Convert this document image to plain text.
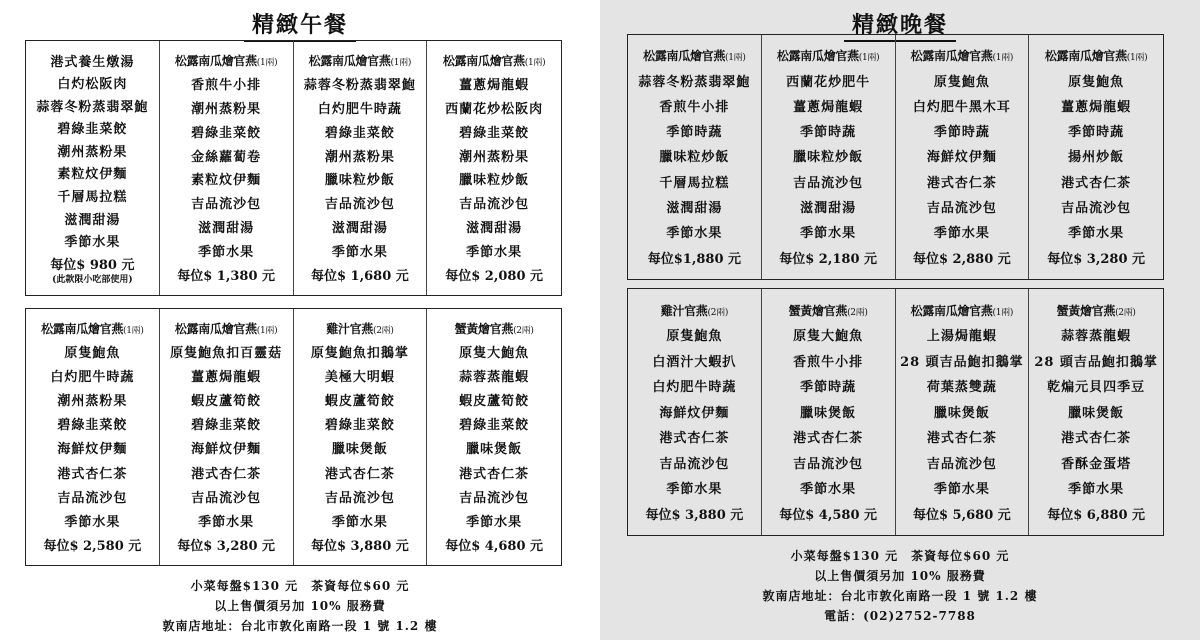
精緻午餐
港式養生燉湯
白灼松阪肉
蒜蓉冬粉蒸翡翠鮑
碧綠韭菜餃
潮州蒸粉果
素粒炆伊麵
千層馬拉糕
滋潤甜湯
季節水果
每位$ 980 元
(此款限小吃部使用)
松露南瓜燴官燕(1兩)
香煎牛小排
潮州蒸粉果
碧綠韭菜餃
金絲蘿蔔卷
素粒炆伊麵
吉品流沙包
滋潤甜湯
季節水果
每位$ 1,380 元
松露南瓜燴官燕(1兩)
蒜蓉冬粉蒸翡翠鮑
白灼肥牛時蔬
碧綠韭菜餃
潮州蒸粉果
臘味粒炒飯
吉品流沙包
滋潤甜湯
季節水果
每位$ 1,680 元
松露南瓜燴官燕(1兩)
薑蔥焗龍蝦
西蘭花炒松阪肉
碧綠韭菜餃
潮州蒸粉果
臘味粒炒飯
吉品流沙包
滋潤甜湯
季節水果
每位$ 2,080 元
松露南瓜燴官燕(1兩)
原隻鮑魚
白灼肥牛時蔬
潮州蒸粉果
碧綠韭菜餃
海鮮炆伊麵
港式杏仁茶
吉品流沙包
季節水果
每位$ 2,580 元
松露南瓜燴官燕(1兩)
原隻鮑魚扣百靈菇
薑蔥焗龍蝦
蝦皮蘆筍餃
碧綠韭菜餃
海鮮炆伊麵
港式杏仁茶
吉品流沙包
季節水果
每位$ 3,280 元
雞汁官燕(2兩)
原隻鮑魚扣鵝掌
美極大明蝦
蝦皮蘆筍餃
碧綠韭菜餃
臘味煲飯
港式杏仁茶
吉品流沙包
季節水果
每位$ 3,880 元
蟹黃燴官燕(2兩)
原隻大鮑魚
蒜蓉蒸龍蝦
蝦皮蘆筍餃
碧綠韭菜餃
臘味煲飯
港式杏仁茶
吉品流沙包
季節水果
每位$ 4,680 元
小菜每盤$130 元　茶資每位$60 元
以上售價須另加 10% 服務費
敦南店地址：台北市敦化南路一段 1 號 1.2 樓
精緻晚餐
松露南瓜燴官燕(1兩)
蒜蓉冬粉蒸翡翠鮑
香煎牛小排
季節時蔬
臘味粒炒飯
千層馬拉糕
滋潤甜湯
季節水果
每位$1,880 元
松露南瓜燴官燕(1兩)
西蘭花炒肥牛
薑蔥焗龍蝦
季節時蔬
臘味粒炒飯
吉品流沙包
滋潤甜湯
季節水果
每位$ 2,180 元
松露南瓜燴官燕(1兩)
原隻鮑魚
白灼肥牛黑木耳
季節時蔬
海鮮炆伊麵
港式杏仁茶
吉品流沙包
季節水果
每位$ 2,880 元
松露南瓜燴官燕(1兩)
原隻鮑魚
薑蔥焗龍蝦
季節時蔬
揚州炒飯
港式杏仁茶
吉品流沙包
季節水果
每位$ 3,280 元
雞汁官燕(2兩)
原隻鮑魚
白酒汁大蝦扒
白灼肥牛時蔬
海鮮炆伊麵
港式杏仁茶
吉品流沙包
季節水果
每位$ 3,880 元
蟹黃燴官燕(2兩)
原隻大鮑魚
香煎牛小排
季節時蔬
臘味煲飯
港式杏仁茶
吉品流沙包
季節水果
每位$ 4,580 元
松露南瓜燴官燕(1兩)
上湯焗龍蝦
28 頭吉品鮑扣鵝掌
荷葉蒸雙蔬
臘味煲飯
港式杏仁茶
吉品流沙包
季節水果
每位$ 5,680 元
蟹黃燴官燕(2兩)
蒜蓉蒸龍蝦
28 頭吉品鮑扣鵝掌
乾煸元貝四季豆
臘味煲飯
港式杏仁茶
香酥金蛋塔
季節水果
每位$ 6,880 元
小菜每盤$130 元　茶資每位$60 元
以上售價須另加 10% 服務費
敦南店地址：台北市敦化南路一段 1 號 1.2 樓
電話：(02)2752-7788
